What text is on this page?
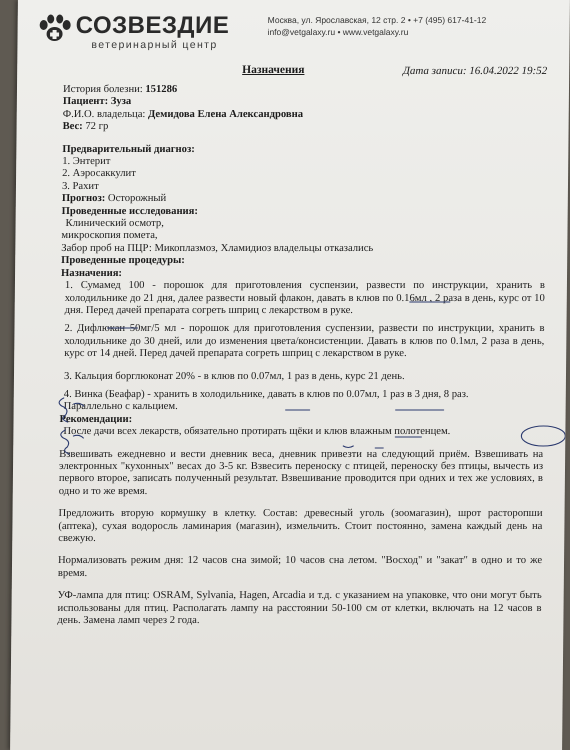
СОЗВЕЗДИЕ
ветеринарный центр
Москва, ул. Ярославская, 12 стр. 2 • +7 (495) 617-41-12
info@vetgalaxy.ru • www.vetgalaxy.ru
Назначения	Дата записи: 16.04.2022 19:52
История болезни: 151286
Пациент: Зуза
Ф.И.О. владельца: Демидова Елена Александровна
Вес: 72 гр
Предварительный диагноз:
1. Энтерит
2. Аэросаккулит
3. Рахит
Прогноз: Осторожный
Проведенные исследования:
Клинический осмотр,
микроскопия помета,
Забор проб на ПЦР: Микоплазмоз, Хламидиоз владельцы отказались
Проведенные процедуры:
Назначения:
1. Сумамед 100 - порошок для приготовления суспензии, развести по инструкции, хранить в холодильнике до 21 дня, далее развести новый флакон, давать в клюв по 0.16мл , 2 раза в день, курс от 10 дня. Перед дачей препарата согреть шприц с лекарством в руке.
2. Дифлюкан 50мг/5 мл - порошок для приготовления суспензии, развести по инструкции, хранить в холодильнике до 30 дней, или до изменения цвета/консистенции. Давать в клюв по 0.1мл, 2 раза в день, курс от 14 дней. Перед дачей препарата согреть шприц с лекарством в руке.
3. Кальция борглюконат 20% - в клюв по 0.07мл, 1 раз в день, курс 21 день.
4. Винка (Беафар) - хранить в холодильнике, давать в клюв по 0.07мл, 1 раз в 3 дня, 8 раз.
Параллельно с кальцием.
Рекомендации:
После дачи всех лекарств, обязательно протирать щёки и клюв влажным полотенцем.
Взвешивать ежедневно и вести дневник веса, дневник привезти на следующий приём. Взвешивать на электронных "кухонных" весах до 3-5 кг. Взвесить переноску с птицей, переноску без птицы, вычесть из первого второе, записать полученный результат. Взвешивание проводится при одних и тех же условиях, в одно и то же время.
Предложить вторую кормушку в клетку. Состав: древесный уголь (зоомагазин), шрот расторопши (аптека), сухая водоросль ламинария (магазин), измельчить. Стоит постоянно, замена каждый день на свежую.
Нормализовать режим дня: 12 часов сна зимой; 10 часов сна летом. "Восход" и "закат" в одно и то же время.
УФ-лампа для птиц: OSRAM, Sylvania, Hagen, Arcadia и т.д. с указанием на упаковке, что они могут быть использованы для птиц. Располагать лампу на расстоянии 50-100 см от клетки, включать на 12 часов в день. Замена ламп через 2 года.
